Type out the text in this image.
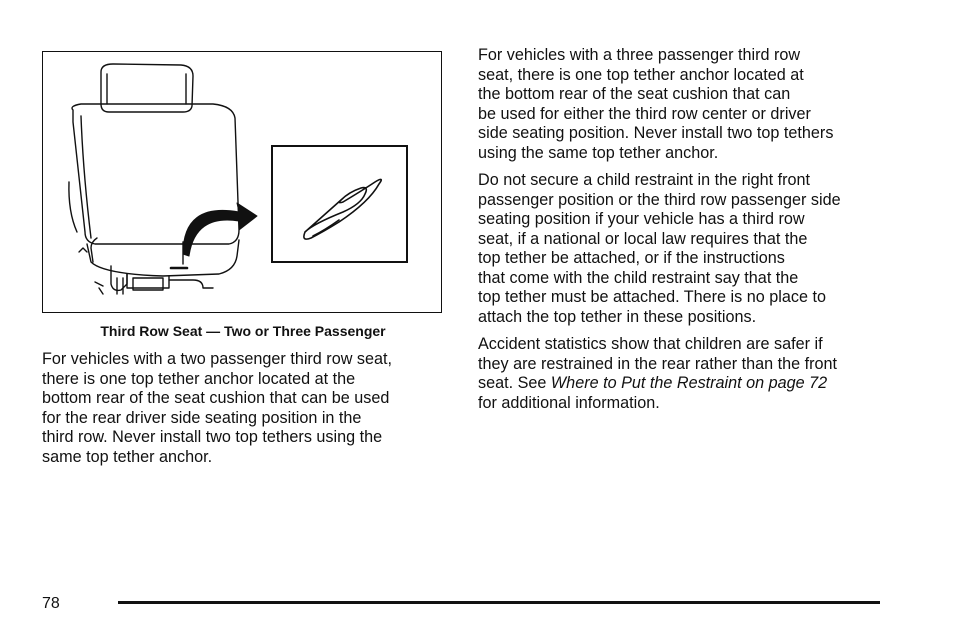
Third Row Seat — Two or Three Passenger

For vehicles with a two passenger third row seat,
there is one top tether anchor located at the
bottom rear of the seat cushion that can be used
for the rear driver side seating position in the
third row. Never install two top tethers using the
same top tether anchor.

For vehicles with a three passenger third row
seat, there is one top tether anchor located at
the bottom rear of the seat cushion that can
be used for either the third row center or driver
side seating position. Never install two top tethers
using the same top tether anchor.

Do not secure a child restraint in the right front
passenger position or the third row passenger side
seating position if your vehicle has a third row
seat, if a national or local law requires that the
top tether be attached, or if the instructions
that come with the child restraint say that the
top tether must be attached. There is no place to
attach the top tether in these positions.

Accident statistics show that children are safer if
they are restrained in the rear rather than the front
seat. See Where to Put the Restraint on page 72
for additional information.

78
